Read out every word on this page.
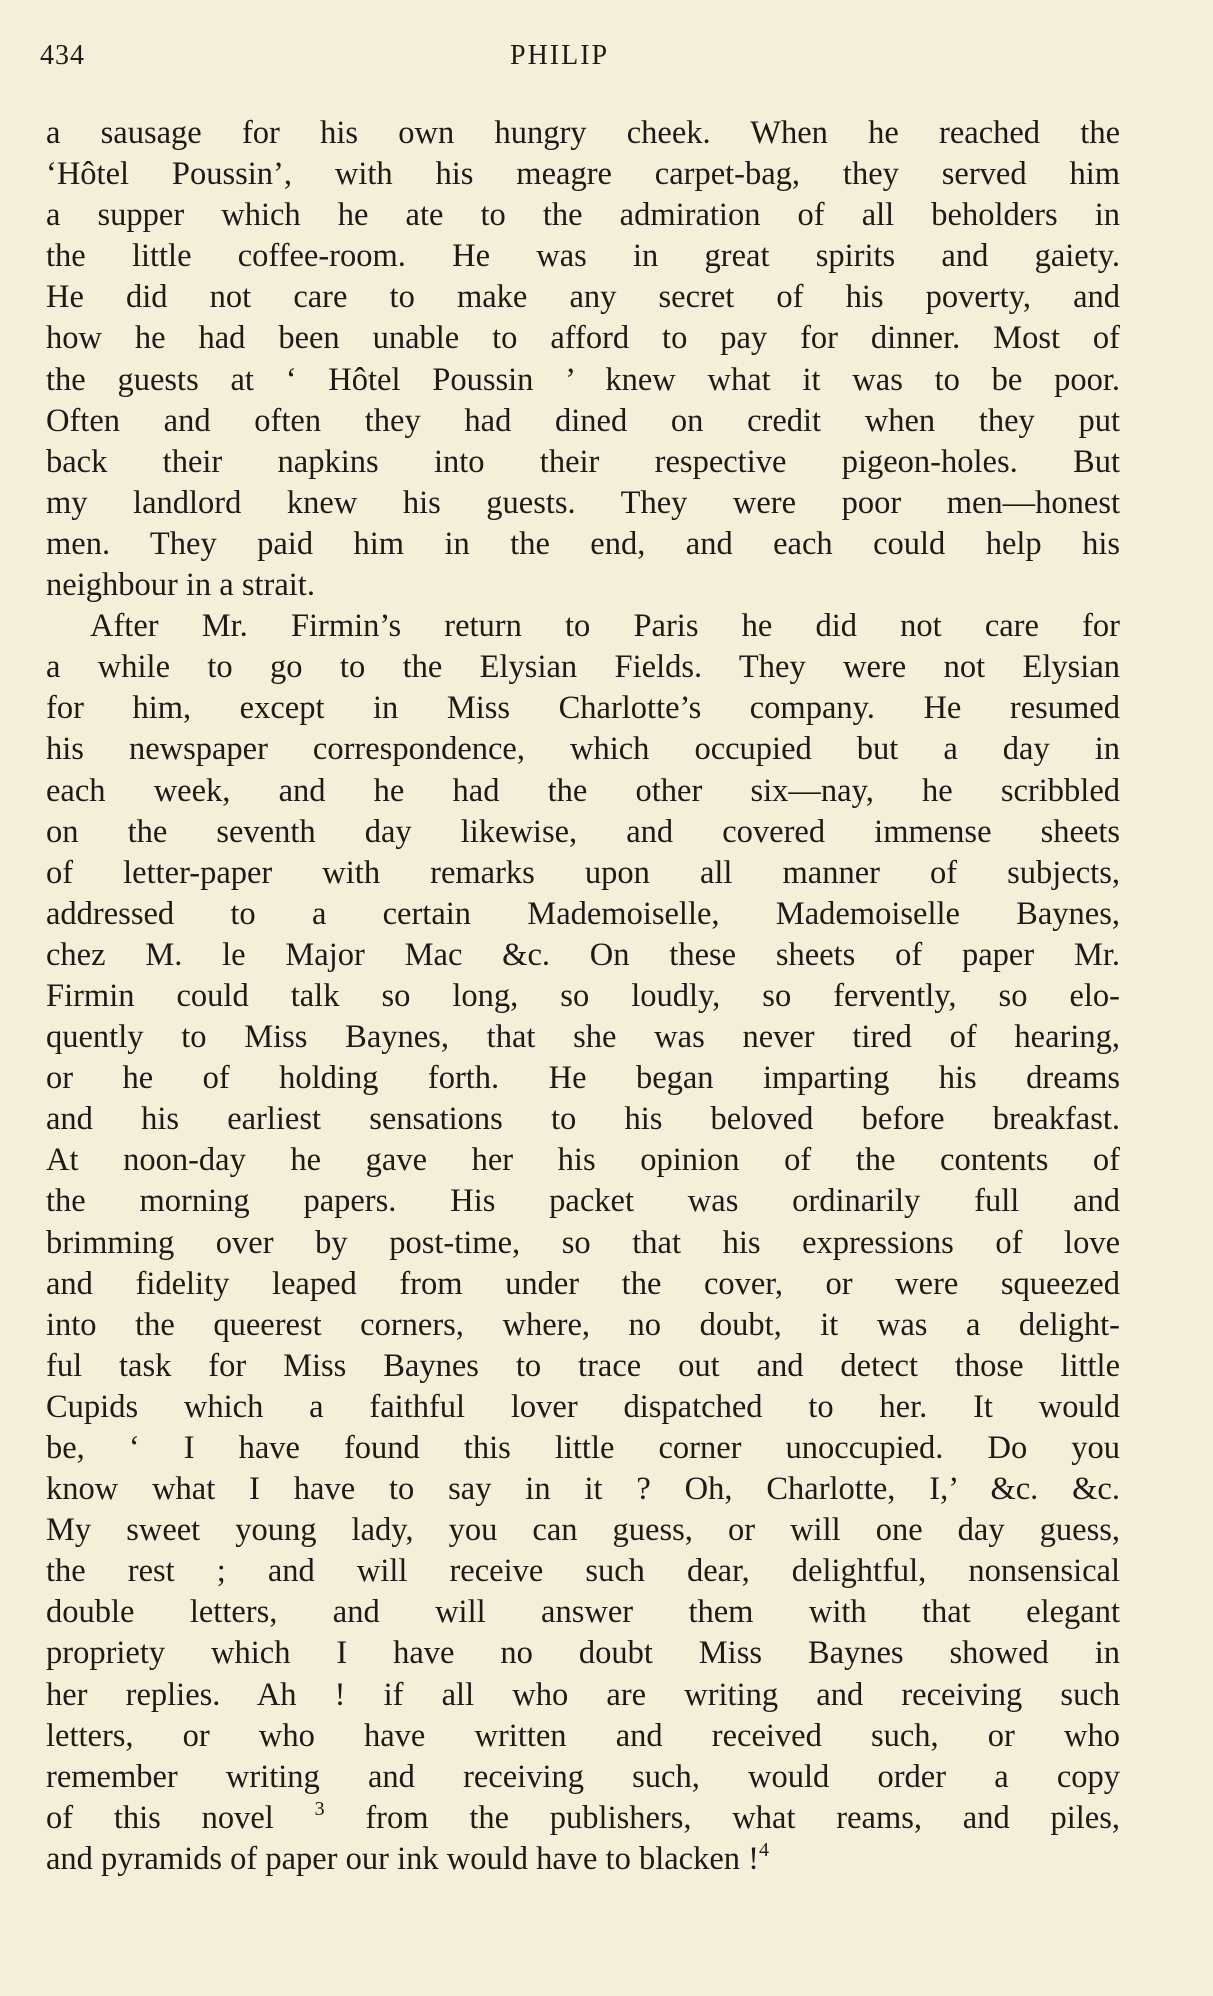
434	PHILIP
a sausage for his own hungry cheek. When he reached the
‘Hôtel Poussin’, with his meagre carpet-bag, they served him
a supper which he ate to the admiration of all beholders in
the little coffee-room. He was in great spirits and gaiety.
He did not care to make any secret of his poverty, and
how he had been unable to afford to pay for dinner. Most of
the guests at ‘ Hôtel Poussin ’ knew what it was to be poor.
Often and often they had dined on credit when they put
back their napkins into their respective pigeon-holes. But
my landlord knew his guests. They were poor men—honest
men. They paid him in the end, and each could help his
neighbour in a strait.
After Mr. Firmin’s return to Paris he did not care for
a while to go to the Elysian Fields. They were not Elysian
for him, except in Miss Charlotte’s company. He resumed
his newspaper correspondence, which occupied but a day in
each week, and he had the other six—nay, he scribbled
on the seventh day likewise, and covered immense sheets
of letter-paper with remarks upon all manner of subjects,
addressed to a certain Mademoiselle, Mademoiselle Baynes,
chez M. le Major Mac &c. On these sheets of paper Mr.
Firmin could talk so long, so loudly, so fervently, so elo-
quently to Miss Baynes, that she was never tired of hearing,
or he of holding forth. He began imparting his dreams
and his earliest sensations to his beloved before breakfast.
At noon-day he gave her his opinion of the contents of
the morning papers. His packet was ordinarily full and
brimming over by post-time, so that his expressions of love
and fidelity leaped from under the cover, or were squeezed
into the queerest corners, where, no doubt, it was a delight-
ful task for Miss Baynes to trace out and detect those little
Cupids which a faithful lover dispatched to her. It would
be, ‘ I have found this little corner unoccupied. Do you
know what I have to say in it ? Oh, Charlotte, I,’ &c. &c.
My sweet young lady, you can guess, or will one day guess,
the rest ; and will receive such dear, delightful, nonsensical
double letters, and will answer them with that elegant
propriety which I have no doubt Miss Baynes showed in
her replies. Ah ! if all who are writing and receiving such
letters, or who have written and received such, or who
remember writing and receiving such, would order a copy
of this novel $^3$ from the publishers, what reams, and piles,
and pyramids of paper our ink would have to blacken !$^4$
